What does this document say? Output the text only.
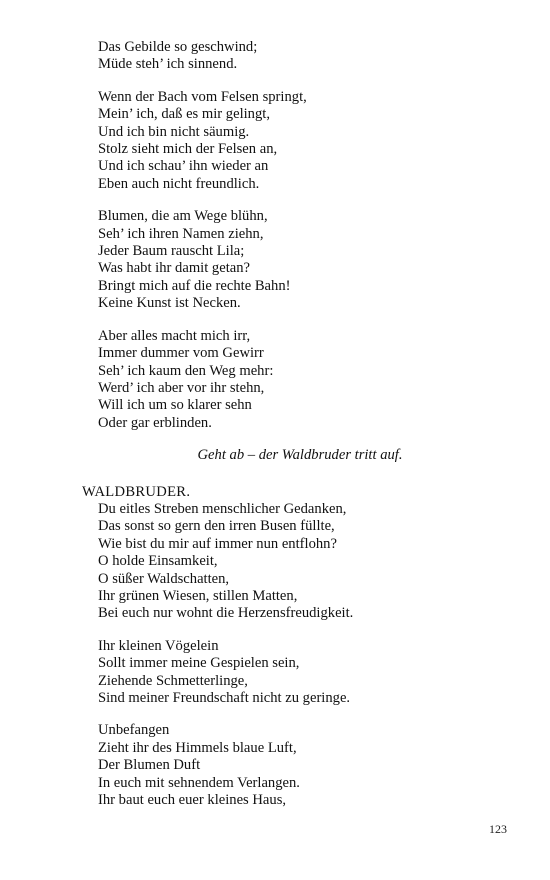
Das Gebilde so geschwind;
Müde steh’ ich sinnend.
Wenn der Bach vom Felsen springt,
Mein’ ich, daß es mir gelingt,
Und ich bin nicht säumig.
Stolz sieht mich der Felsen an,
Und ich schau’ ihn wieder an
Eben auch nicht freundlich.
Blumen, die am Wege blühn,
Seh’ ich ihren Namen ziehn,
Jeder Baum rauscht Lila;
Was habt ihr damit getan?
Bringt mich auf die rechte Bahn!
Keine Kunst ist Necken.
Aber alles macht mich irr,
Immer dummer vom Gewirr
Seh’ ich kaum den Weg mehr:
Werd’ ich aber vor ihr stehn,
Will ich um so klarer sehn
Oder gar erblinden.
Geht ab – der Waldbruder tritt auf.
WALDBRUDER.
Du eitles Streben menschlicher Gedanken,
Das sonst so gern den irren Busen füllte,
Wie bist du mir auf immer nun entflohn?
O holde Einsamkeit,
O süßer Waldschatten,
Ihr grünen Wiesen, stillen Matten,
Bei euch nur wohnt die Herzensfreudigkeit.
Ihr kleinen Vögelein
Sollt immer meine Gespielen sein,
Ziehende Schmetterlinge,
Sind meiner Freundschaft nicht zu geringe.
Unbefangen
Zieht ihr des Himmels blaue Luft,
Der Blumen Duft
In euch mit sehnendem Verlangen.
Ihr baut euch euer kleines Haus,
123
